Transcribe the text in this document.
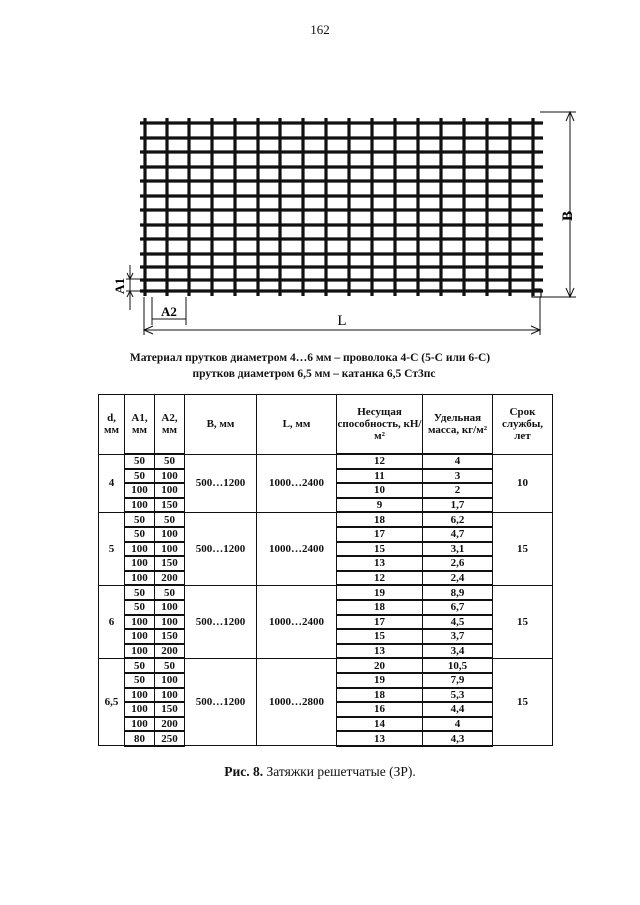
162
B
L
A1
A2
Материал прутков диаметром 4…6 мм – проволока 4-С (5-С или 6-С)
прутков диаметром 6,5 мм – катанка 6,5 Ст3пс
d, мм	А1, мм	А2, мм	В, мм	L, мм	Несущая способность, кН/м²	Удельная масса, кг/м²	Срок службы, лет
4	50	50	500…1200	1000…2400	12	4	10
	50	100			11	3	
	100	100			10	2	
	100	150			9	1,7	
5	50	50	500…1200	1000…2400	18	6,2	15
	50	100			17	4,7	
	100	100			15	3,1	
	100	150			13	2,6	
	100	200			12	2,4	
6	50	50	500…1200	1000…2400	19	8,9	15
	50	100			18	6,7	
	100	100			17	4,5	
	100	150			15	3,7	
	100	200			13	3,4	
6,5	50	50	500…1200	1000…2800	20	10,5	15
	50	100			19	7,9	
	100	100			18	5,3	
	100	150			16	4,4	
	100	200			14	4	
	80	250			13	4,3	
Рис. 8. Затяжки решетчатые (ЗР).
